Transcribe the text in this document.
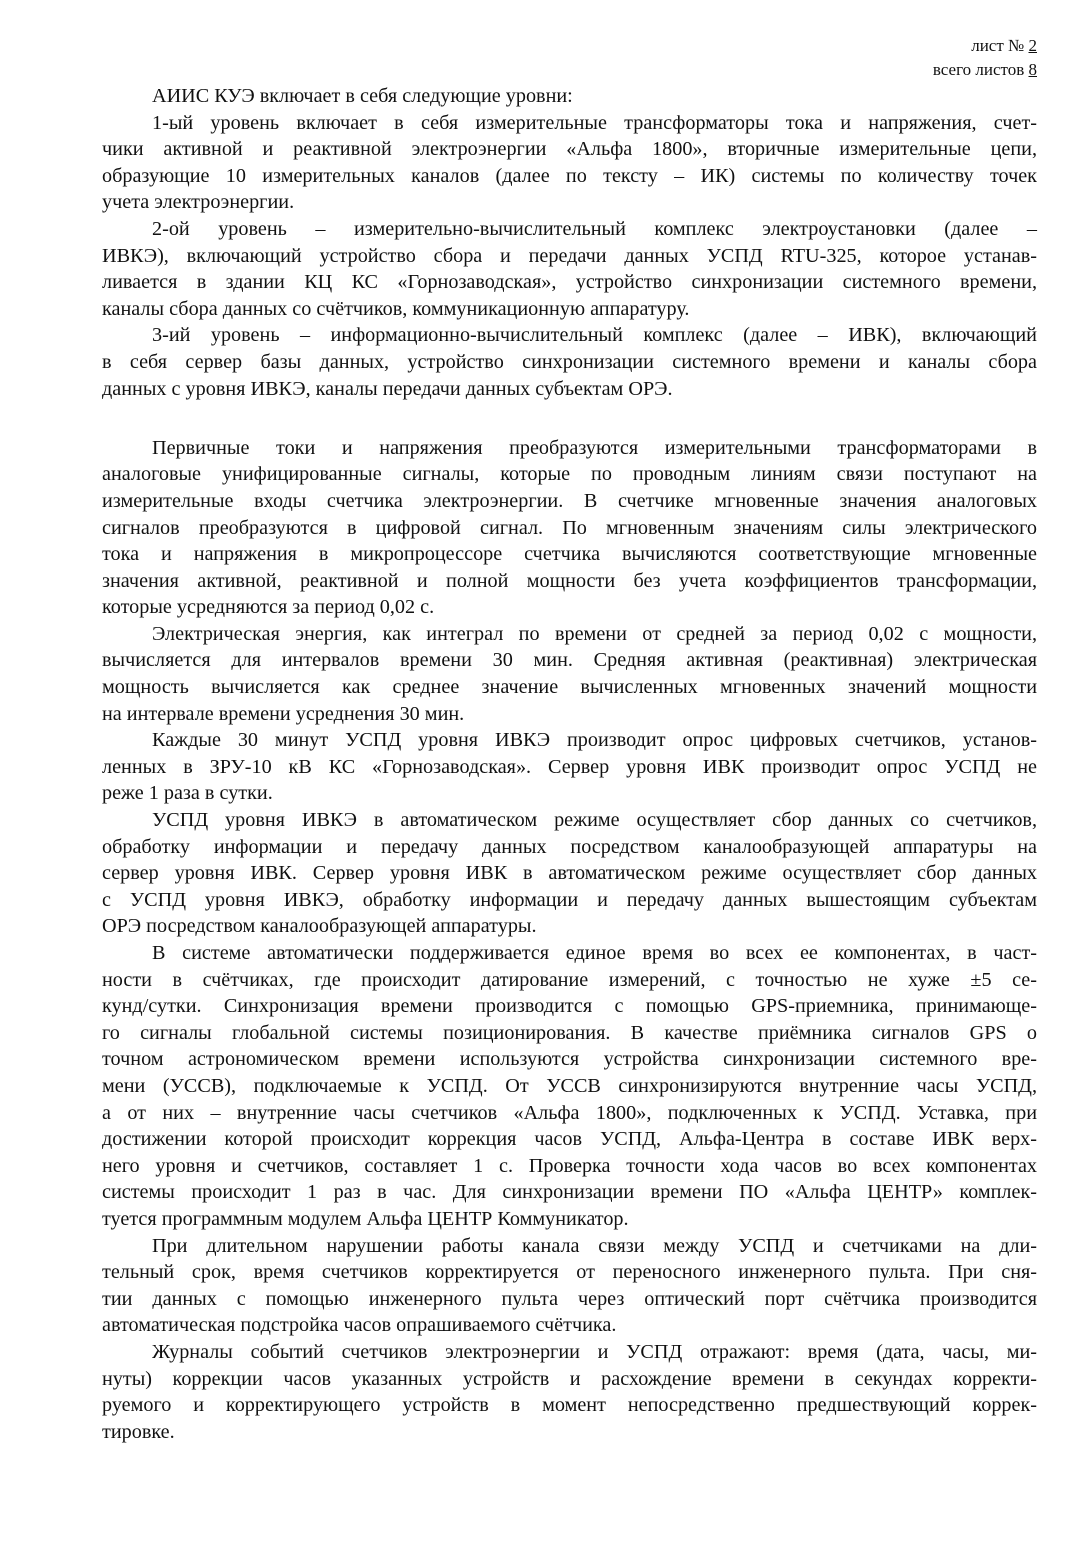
лист № 2
всего листов 8
АИИС КУЭ включает в себя следующие уровни:
1-ый уровень включает в себя измерительные трансформаторы тока и напряжения, счет-
чики активной и реактивной электроэнергии «Альфа 1800», вторичные измерительные цепи,
образующие 10 измерительных каналов (далее по тексту – ИК) системы по количеству точек
учета электроэнергии.
2-ой уровень – измерительно-вычислительный комплекс электроустановки (далее –
ИВКЭ), включающий устройство сбора и передачи данных УСПД RTU-325, которое устанав-
ливается в здании КЦ КС «Горнозаводская», устройство синхронизации системного времени,
каналы сбора данных со счётчиков, коммуникационную аппаратуру.
3-ий уровень – информационно-вычислительный комплекс (далее – ИВК), включающий
в себя сервер базы данных, устройство синхронизации системного времени и каналы сбора
данных с уровня ИВКЭ, каналы передачи данных субъектам ОРЭ.
Первичные токи и напряжения преобразуются измерительными трансформаторами в
аналоговые унифицированные сигналы, которые по проводным линиям связи поступают на
измерительные входы счетчика электроэнергии. В счетчике мгновенные значения аналоговых
сигналов преобразуются в цифровой сигнал. По мгновенным значениям силы электрического
тока и напряжения в микропроцессоре счетчика вычисляются соответствующие мгновенные
значения активной, реактивной и полной мощности без учета коэффициентов трансформации,
которые усредняются за период 0,02 с.
Электрическая энергия, как интеграл по времени от средней за период 0,02 с мощности,
вычисляется для интервалов времени 30 мин. Средняя активная (реактивная) электрическая
мощность вычисляется как среднее значение вычисленных мгновенных значений мощности
на интервале времени усреднения 30 мин.
Каждые 30 минут УСПД уровня ИВКЭ производит опрос цифровых счетчиков, установ-
ленных в ЗРУ-10 кВ КС «Горнозаводская». Сервер уровня ИВК производит опрос УСПД не
реже 1 раза в сутки.
УСПД уровня ИВКЭ в автоматическом режиме осуществляет сбор данных со счетчиков,
обработку информации и передачу данных посредством каналообразующей аппаратуры на
сервер уровня ИВК. Сервер уровня ИВК в автоматическом режиме осуществляет сбор данных
с УСПД уровня ИВКЭ, обработку информации и передачу данных вышестоящим субъектам
ОРЭ посредством каналообразующей аппаратуры.
В системе автоматически поддерживается единое время во всех ее компонентах, в част-
ности в счётчиках, где происходит датирование измерений, с точностью не хуже ±5 се-
кунд/сутки. Синхронизация времени производится с помощью GPS-приемника, принимающе-
го сигналы глобальной системы позиционирования. В качестве приёмника сигналов GPS о
точном астрономическом времени используются устройства синхронизации системного вре-
мени (УССВ), подключаемые к УСПД. От УССВ синхронизируются внутренние часы УСПД,
а от них – внутренние часы счетчиков «Альфа 1800», подключенных к УСПД. Уставка, при
достижении которой происходит коррекция часов УСПД, Альфа-Центра в составе ИВК верх-
него уровня и счетчиков, составляет 1 с. Проверка точности хода часов во всех компонентах
системы происходит 1 раз в час. Для синхронизации времени ПО «Альфа ЦЕНТР» комплек-
туется программным модулем Альфа ЦЕНТР Коммуникатор.
При длительном нарушении работы канала связи между УСПД и счетчиками на дли-
тельный срок, время счетчиков корректируется от переносного инженерного пульта. При сня-
тии данных с помощью инженерного пульта через оптический порт счётчика производится
автоматическая подстройка часов опрашиваемого счётчика.
Журналы событий счетчиков электроэнергии и УСПД отражают: время (дата, часы, ми-
нуты) коррекции часов указанных устройств и расхождение времени в секундах корректи-
руемого и корректирующего устройств в момент непосредственно предшествующий коррек-
тировке.
